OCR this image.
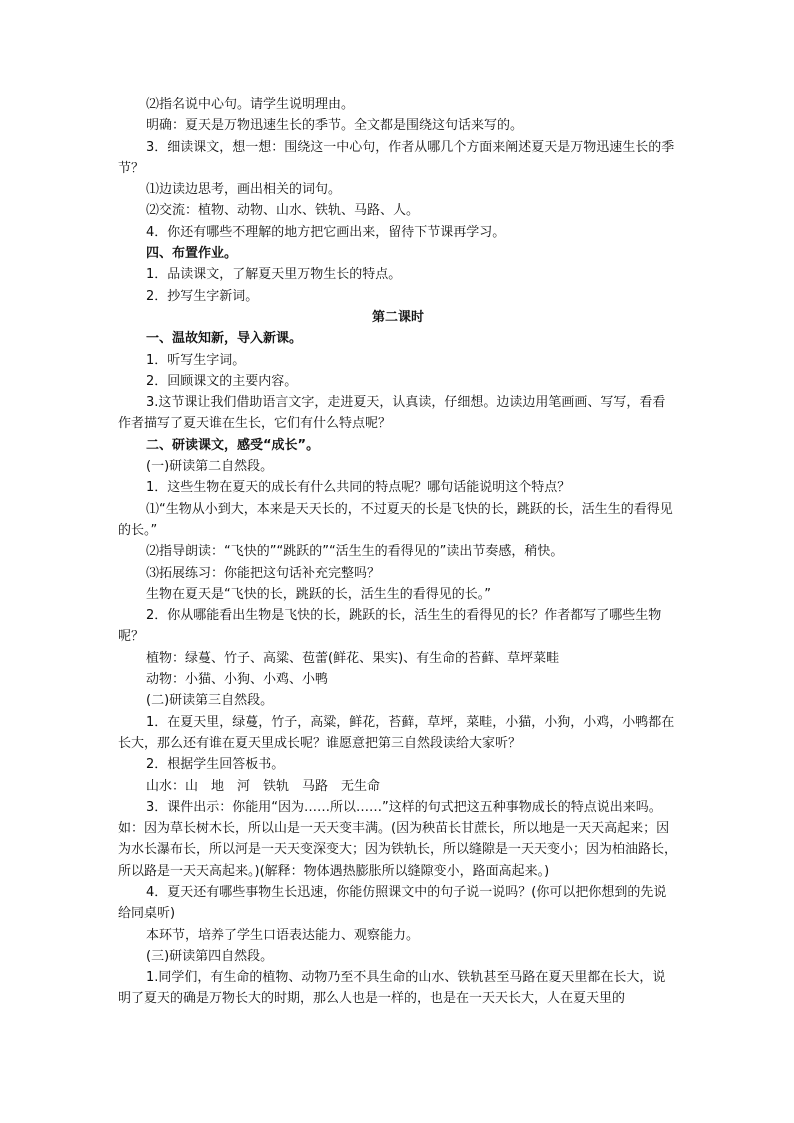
⑵指名说中心句。请学生说明理由。

明确：夏天是万物迅速生长的季节。全文都是围绕这句话来写的。

3．细读课文，想一想：围绕这一中心句，作者从哪几个方面来阐述夏天是万物迅速生长的季节？

⑴边读边思考，画出相关的词句。

⑵交流：植物、动物、山水、铁轨、马路、人。

4．你还有哪些不理解的地方把它画出来，留待下节课再学习。

四、布置作业。

1．品读课文，了解夏天里万物生长的特点。

2．抄写生字新词。

第二课时

一、温故知新，导入新课。

1．听写生字词。

2．回顾课文的主要内容。

3.这节课让我们借助语言文字，走进夏天，认真读，仔细想。边读边用笔画画、写写，看看作者描写了夏天谁在生长，它们有什么特点呢？

二、研读课文，感受“成长”。

(一)研读第二自然段。

1．这些生物在夏天的成长有什么共同的特点呢？哪句话能说明这个特点？

⑴“生物从小到大，本来是天天长的，不过夏天的长是飞快的长，跳跃的长，活生生的看得见的长。”

⑵指导朗读：“飞快的”“跳跃的”“活生生的看得见的”读出节奏感，稍快。

⑶拓展练习：你能把这句话补充完整吗？

生物在夏天是“飞快的长，跳跃的长，活生生的看得见的长。”

2．你从哪能看出生物是飞快的长，跳跃的长，活生生的看得见的长？作者都写了哪些生物呢？

植物：绿蔓、竹子、高粱、苞蕾(鲜花、果实)、有生命的苔藓、草坪菜畦

动物：小猫、小狗、小鸡、小鸭

(二)研读第三自然段。

1．在夏天里，绿蔓，竹子，高粱，鲜花，苔藓，草坪，菜畦，小猫，小狗，小鸡，小鸭都在长大，那么还有谁在夏天里成长呢？谁愿意把第三自然段读给大家听？

2．根据学生回答板书。

山水：山　地　河　铁轨　马路　无生命

3．课件出示：你能用“因为……所以……”这样的句式把这五种事物成长的特点说出来吗。如：因为草长树木长，所以山是一天天变丰满。(因为秧苗长甘蔗长，所以地是一天天高起来；因为水长瀑布长，所以河是一天天变深变大；因为铁轨长，所以缝隙是一天天变小；因为柏油路长，所以路是一天天高起来。)(解释：物体遇热膨胀所以缝隙变小，路面高起来。)

4．夏天还有哪些事物生长迅速，你能仿照课文中的句子说一说吗？(你可以把你想到的先说给同桌听)

本环节，培养了学生口语表达能力、观察能力。

(三)研读第四自然段。

1.同学们，有生命的植物、动物乃至不具生命的山水、铁轨甚至马路在夏天里都在长大，说明了夏天的确是万物长大的时期，那么人也是一样的，也是在一天天长大，人在夏天里的
